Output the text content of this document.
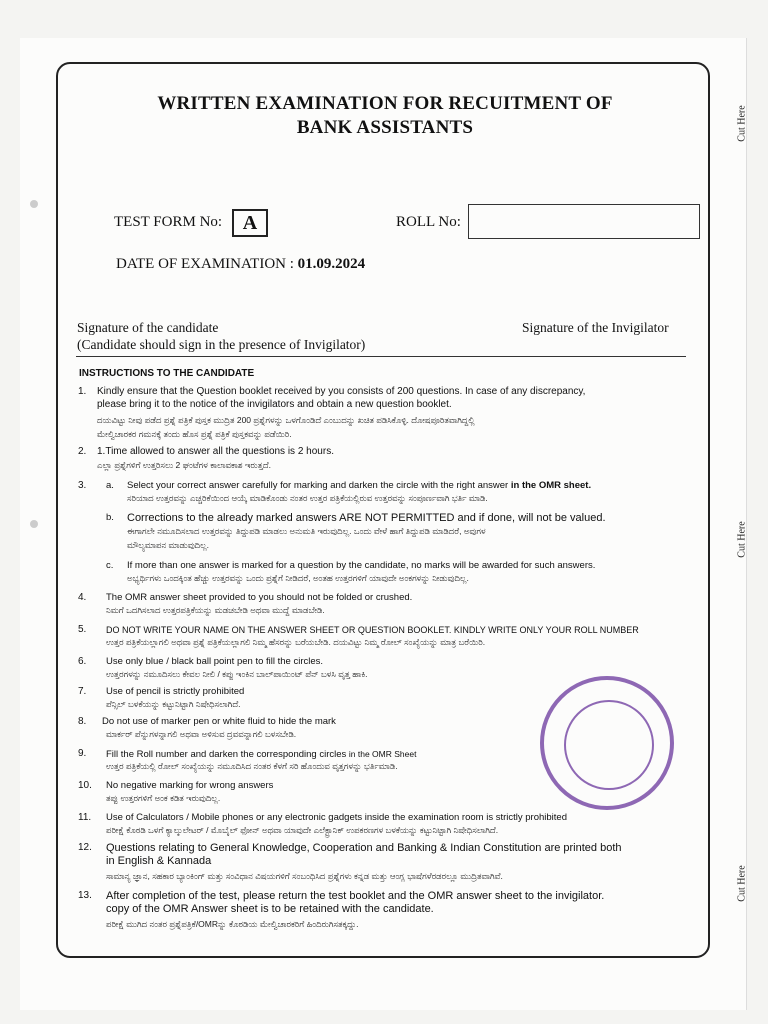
Cut Here
Cut Here
Cut Here
WRITTEN EXAMINATION FOR RECUITMENT OF
BANK ASSISTANTS
TEST FORM No:	A	ROLL No:
DATE OF EXAMINATION : 01.09.2024
Signature of the candidate
(Candidate should sign in the presence of Invigilator)
Signature of the Invigilator
INSTRUCTIONS TO THE CANDIDATE
1. Kindly ensure that the Question booklet received by you consists of 200 questions. In case of any discrepancy,
please bring it to the notice of the invigilators and obtain a new question booklet.
ದಯವಿಟ್ಟು ನೀವು ಪಡೆದ ಪ್ರಶ್ನೆ ಪತ್ರಿಕೆ ಪುಸ್ತಕ ಮುದ್ರಿತ 200 ಪ್ರಶ್ನೆಗಳನ್ನು ಒಳಗೊಂಡಿದೆ ಎಂಬುದನ್ನು ಖಚಿತ ಪಡಿಸಿಕೊಳ್ಳಿ. ದೋಷಪೂರಿತವಾಗಿದ್ದಲ್ಲಿ
ಮೇಲ್ವಿಚಾರಕರ ಗಮನಕ್ಕೆ ತಂದು ಹೊಸ ಪ್ರಶ್ನೆ ಪತ್ರಿಕೆ ಪುಸ್ತಕವನ್ನು ಪಡೆಯಿರಿ.
2. 1.Time allowed to answer all the questions is 2 hours.
ಎಲ್ಲಾ ಪ್ರಶ್ನೆಗಳಿಗೆ ಉತ್ತರಿಸಲು 2 ಘಂಟೆಗಳ ಕಾಲಾವಕಾಶ ಇರುತ್ತದೆ.
3. a. Select your correct answer carefully for marking and darken the circle with the right answer in the OMR sheet.
ಸರಿಯಾದ ಉತ್ತರವನ್ನು ಎಚ್ಚರಿಕೆಯಿಂದ ಆಯ್ಕೆ ಮಾಡಿಕೊಂಡು ನಂತರ ಉತ್ತರ ಪತ್ರಿಕೆಯಲ್ಲಿರುವ ಉತ್ತರವನ್ನು ಸಂಪೂರ್ಣವಾಗಿ ಭರ್ತಿ ಮಾಡಿ.
b. Corrections to the already marked answers ARE NOT PERMITTED and if done, will not be valued.
ಈಗಾಗಲೇ ನಮೂದಿಸಲಾದ ಉತ್ತರವನ್ನು ತಿದ್ದುಪಡಿ ಮಾಡಲು ಅನುಮತಿ ಇರುವುದಿಲ್ಲ. ಒಂದು ವೇಳೆ ಹಾಗೆ ತಿದ್ದುಪಡಿ ಮಾಡಿದರೆ, ಅವುಗಳ
ಮೌಲ್ಯಮಾಪನ ಮಾಡುವುದಿಲ್ಲ.
c. If more than one answer is marked for a question by the candidate, no marks will be awarded for such answers.
ಅಭ್ಯರ್ಥಿಗಳು ಒಂದಕ್ಕಿಂತ ಹೆಚ್ಚು ಉತ್ತರವನ್ನು ಒಂದು ಪ್ರಶ್ನೆಗೆ ನೀಡಿದರೆ, ಅಂತಹ ಉತ್ತರಗಳಿಗೆ ಯಾವುದೇ ಅಂಕಗಳನ್ನು ನೀಡುವುದಿಲ್ಲ.
4. The OMR answer sheet provided to you should not be folded or crushed.
ನಿಮಗೆ ಒದಗಿಸಲಾದ ಉತ್ತರಪತ್ರಿಕೆಯನ್ನು ಮಡಚಬೇಡಿ ಅಥವಾ ಮುದ್ದೆ ಮಾಡಬೇಡಿ.
5. DO NOT WRITE YOUR NAME ON THE ANSWER SHEET OR QUESTION BOOKLET. KINDLY WRITE ONLY YOUR ROLL NUMBER
ಉತ್ತರ ಪತ್ರಿಕೆಯಲ್ಲಾಗಲಿ ಅಥವಾ ಪ್ರಶ್ನೆ ಪತ್ರಿಕೆಯಲ್ಲಾಗಲಿ ನಿಮ್ಮ ಹೆಸರನ್ನು ಬರೆಯಬೇಡಿ. ದಯವಿಟ್ಟು ನಿಮ್ಮ ರೋಲ್ ಸಂಖ್ಯೆಯನ್ನು ಮಾತ್ರ ಬರೆಯಿರಿ.
6. Use only blue / black ball point pen to fill the circles.
ಉತ್ತರಗಳನ್ನು ನಮೂದಿಸಲು ಕೇವಲ ನೀಲಿ / ಕಪ್ಪು ಇಂಕಿನ ಬಾಲ್‌ಪಾಯಿಂಟ್ ಪೆನ್ ಬಳಸಿ ವೃತ್ತ ಹಾಕಿ.
7. Use of pencil is strictly prohibited
ಪೆನ್ಸಿಲ್ ಬಳಕೆಯನ್ನು ಕಟ್ಟುನಿಟ್ಟಾಗಿ ನಿಷೇಧಿಸಲಾಗಿದೆ.
8. Do not use of marker pen or white fluid to hide the mark
ಮಾರ್ಕರ್ ಪೆನ್ನುಗಳನ್ನಾಗಲಿ ಅಥವಾ ಅಳಿಸುವ ದ್ರವವನ್ನಾಗಲಿ ಬಳಸಬೇಡಿ.
9. Fill the Roll number and darken the corresponding circles in the OMR Sheet
ಉತ್ತರ ಪತ್ರಿಕೆಯಲ್ಲಿ ರೋಲ್ ಸಂಖ್ಯೆಯನ್ನು ನಮೂದಿಸಿದ ನಂತರ ಕೆಳಗೆ ಸರಿ ಹೊಂದುವ ವೃತ್ತಗಳನ್ನು ಭರ್ತಿಮಾಡಿ.
10. No negative marking for wrong answers
ತಪ್ಪು ಉತ್ತರಗಳಿಗೆ ಅಂಕ ಕಡಿತ ಇರುವುದಿಲ್ಲ.
11. Use of Calculators / Mobile phones or any electronic gadgets inside the examination room is strictly prohibited
ಪರೀಕ್ಷೆ ಕೊಠಡಿ ಒಳಗೆ ಕ್ಯಾಲ್ಕುಲೇಟರ್ / ಮೊಬೈಲ್ ಫೋನ್ ಅಥವಾ ಯಾವುದೇ ಎಲೆಕ್ಟ್ರಾನಿಕ್ ಉಪಕರಣಗಳ ಬಳಕೆಯನ್ನು ಕಟ್ಟುನಿಟ್ಟಾಗಿ ನಿಷೇಧಿಸಲಾಗಿದೆ.
12. Questions relating to General Knowledge, Cooperation and Banking & Indian Constitution are printed both
in English & Kannada
ಸಾಮಾನ್ಯ ಜ್ಞಾನ, ಸಹಕಾರ ಬ್ಯಾಂಕಿಂಗ್ ಮತ್ತು ಸಂವಿಧಾನ ವಿಷಯಗಳಿಗೆ ಸಂಬಂಧಿಸಿದ ಪ್ರಶ್ನೆಗಳು ಕನ್ನಡ ಮತ್ತು ಆಂಗ್ಲ ಭಾಷೆಗಳೆರಡರಲ್ಲೂ ಮುದ್ರಿತವಾಗಿವೆ.
13. After completion of the test, please return the test booklet and the OMR answer sheet to the invigilator.
copy of the OMR Answer sheet is to be retained with the candidate.
ಪರೀಕ್ಷೆ ಮುಗಿದ ನಂತರ ಪ್ರಶ್ನೆಪತ್ರಿಕೆ/OMRನ್ನು ಕೊಠಡಿಯ ಮೇಲ್ವಿಚಾರಕರಿಗೆ ಹಿಂದಿರುಗಿಸತಕ್ಕದ್ದು.
